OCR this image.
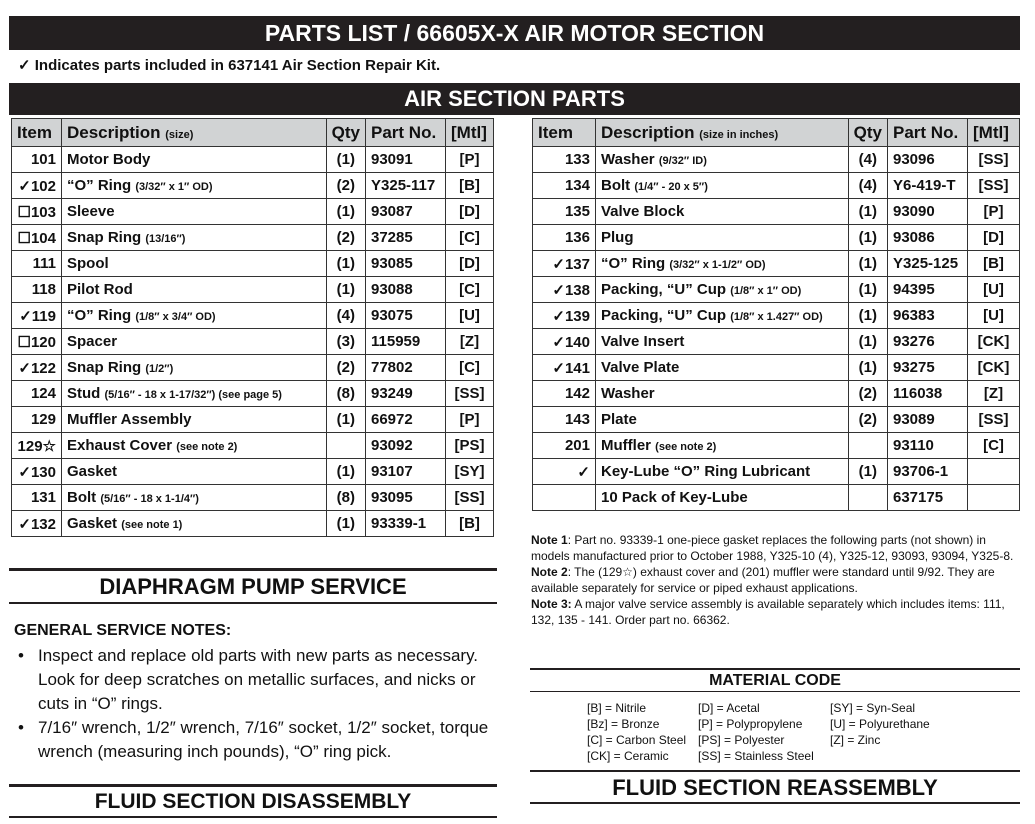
PARTS LIST / 66605X-X AIR MOTOR SECTION
✓ Indicates parts included in 637141 Air Section Repair Kit.
AIR SECTION PARTS
Item	Description (size)	Qty	Part No.	[Mtl]
101	Motor Body	(1)	93091	[P]
✓102	“O” Ring (3/32″ x 1″ OD)	(2)	Y325-117	[B]
☐103	Sleeve	(1)	93087	[D]
☐104	Snap Ring (13/16″)	(2)	37285	[C]
111	Spool	(1)	93085	[D]
118	Pilot Rod	(1)	93088	[C]
✓119	“O” Ring (1/8″ x 3/4″ OD)	(4)	93075	[U]
☐120	Spacer	(3)	115959	[Z]
✓122	Snap Ring (1/2″)	(2)	77802	[C]
124	Stud (5/16″ - 18 x 1-17/32″) (see page 5)	(8)	93249	[SS]
129	Muffler Assembly	(1)	66972	[P]
129☆	Exhaust Cover (see note 2)		93092	[PS]
✓130	Gasket	(1)	93107	[SY]
131	Bolt (5/16″ - 18 x 1-1/4″)	(8)	93095	[SS]
✓132	Gasket (see note 1)	(1)	93339-1	[B]
Item	Description (size in inches)	Qty	Part No.	[Mtl]
133	Washer (9/32″ ID)	(4)	93096	[SS]
134	Bolt (1/4″ - 20 x 5″)	(4)	Y6-419-T	[SS]
135	Valve Block	(1)	93090	[P]
136	Plug	(1)	93086	[D]
✓137	“O” Ring (3/32″ x 1-1/2″ OD)	(1)	Y325-125	[B]
✓138	Packing, “U” Cup (1/8″ x 1″ OD)	(1)	94395	[U]
✓139	Packing, “U” Cup (1/8″ x 1.427″ OD)	(1)	96383	[U]
✓140	Valve Insert	(1)	93276	[CK]
✓141	Valve Plate	(1)	93275	[CK]
142	Washer	(2)	116038	[Z]
143	Plate	(2)	93089	[SS]
201	Muffler (see note 2)		93110	[C]
✓	Key-Lube “O” Ring Lubricant	(1)	93706-1	
	10 Pack of Key-Lube		637175	

Note 1: Part no. 93339-1 one-piece gasket replaces the following parts (not shown) in models manufactured prior to October 1988, Y325-10 (4), Y325-12, 93093, 93094, Y325-8.

Note 2: The (129☆) exhaust cover and (201) muffler were standard until 9/92. They are available separately for service or piped exhaust applications.

Note 3: A major valve service assembly is available separately which includes items: 111, 132, 135 - 141. Order part no. 66362.

DIAPHRAGM PUMP SERVICE
GENERAL SERVICE NOTES:
• Inspect and replace old parts with new parts as necessary. Look for deep scratches on metallic surfaces, and nicks or cuts in “O” rings.
• 7/16″ wrench, 1/2″ wrench, 7/16″ socket, 1/2″ socket, torque wrench (measuring inch pounds), “O” ring pick.
FLUID SECTION DISASSEMBLY
MATERIAL CODE
[B] = Nitrile
[Bz] = Bronze
[C] = Carbon Steel
[CK] = Ceramic
[D] = Acetal
[P] = Polypropylene
[PS] = Polyester
[SS] = Stainless Steel
[SY] = Syn-Seal
[U] = Polyurethane
[Z] = Zinc
FLUID SECTION REASSEMBLY
